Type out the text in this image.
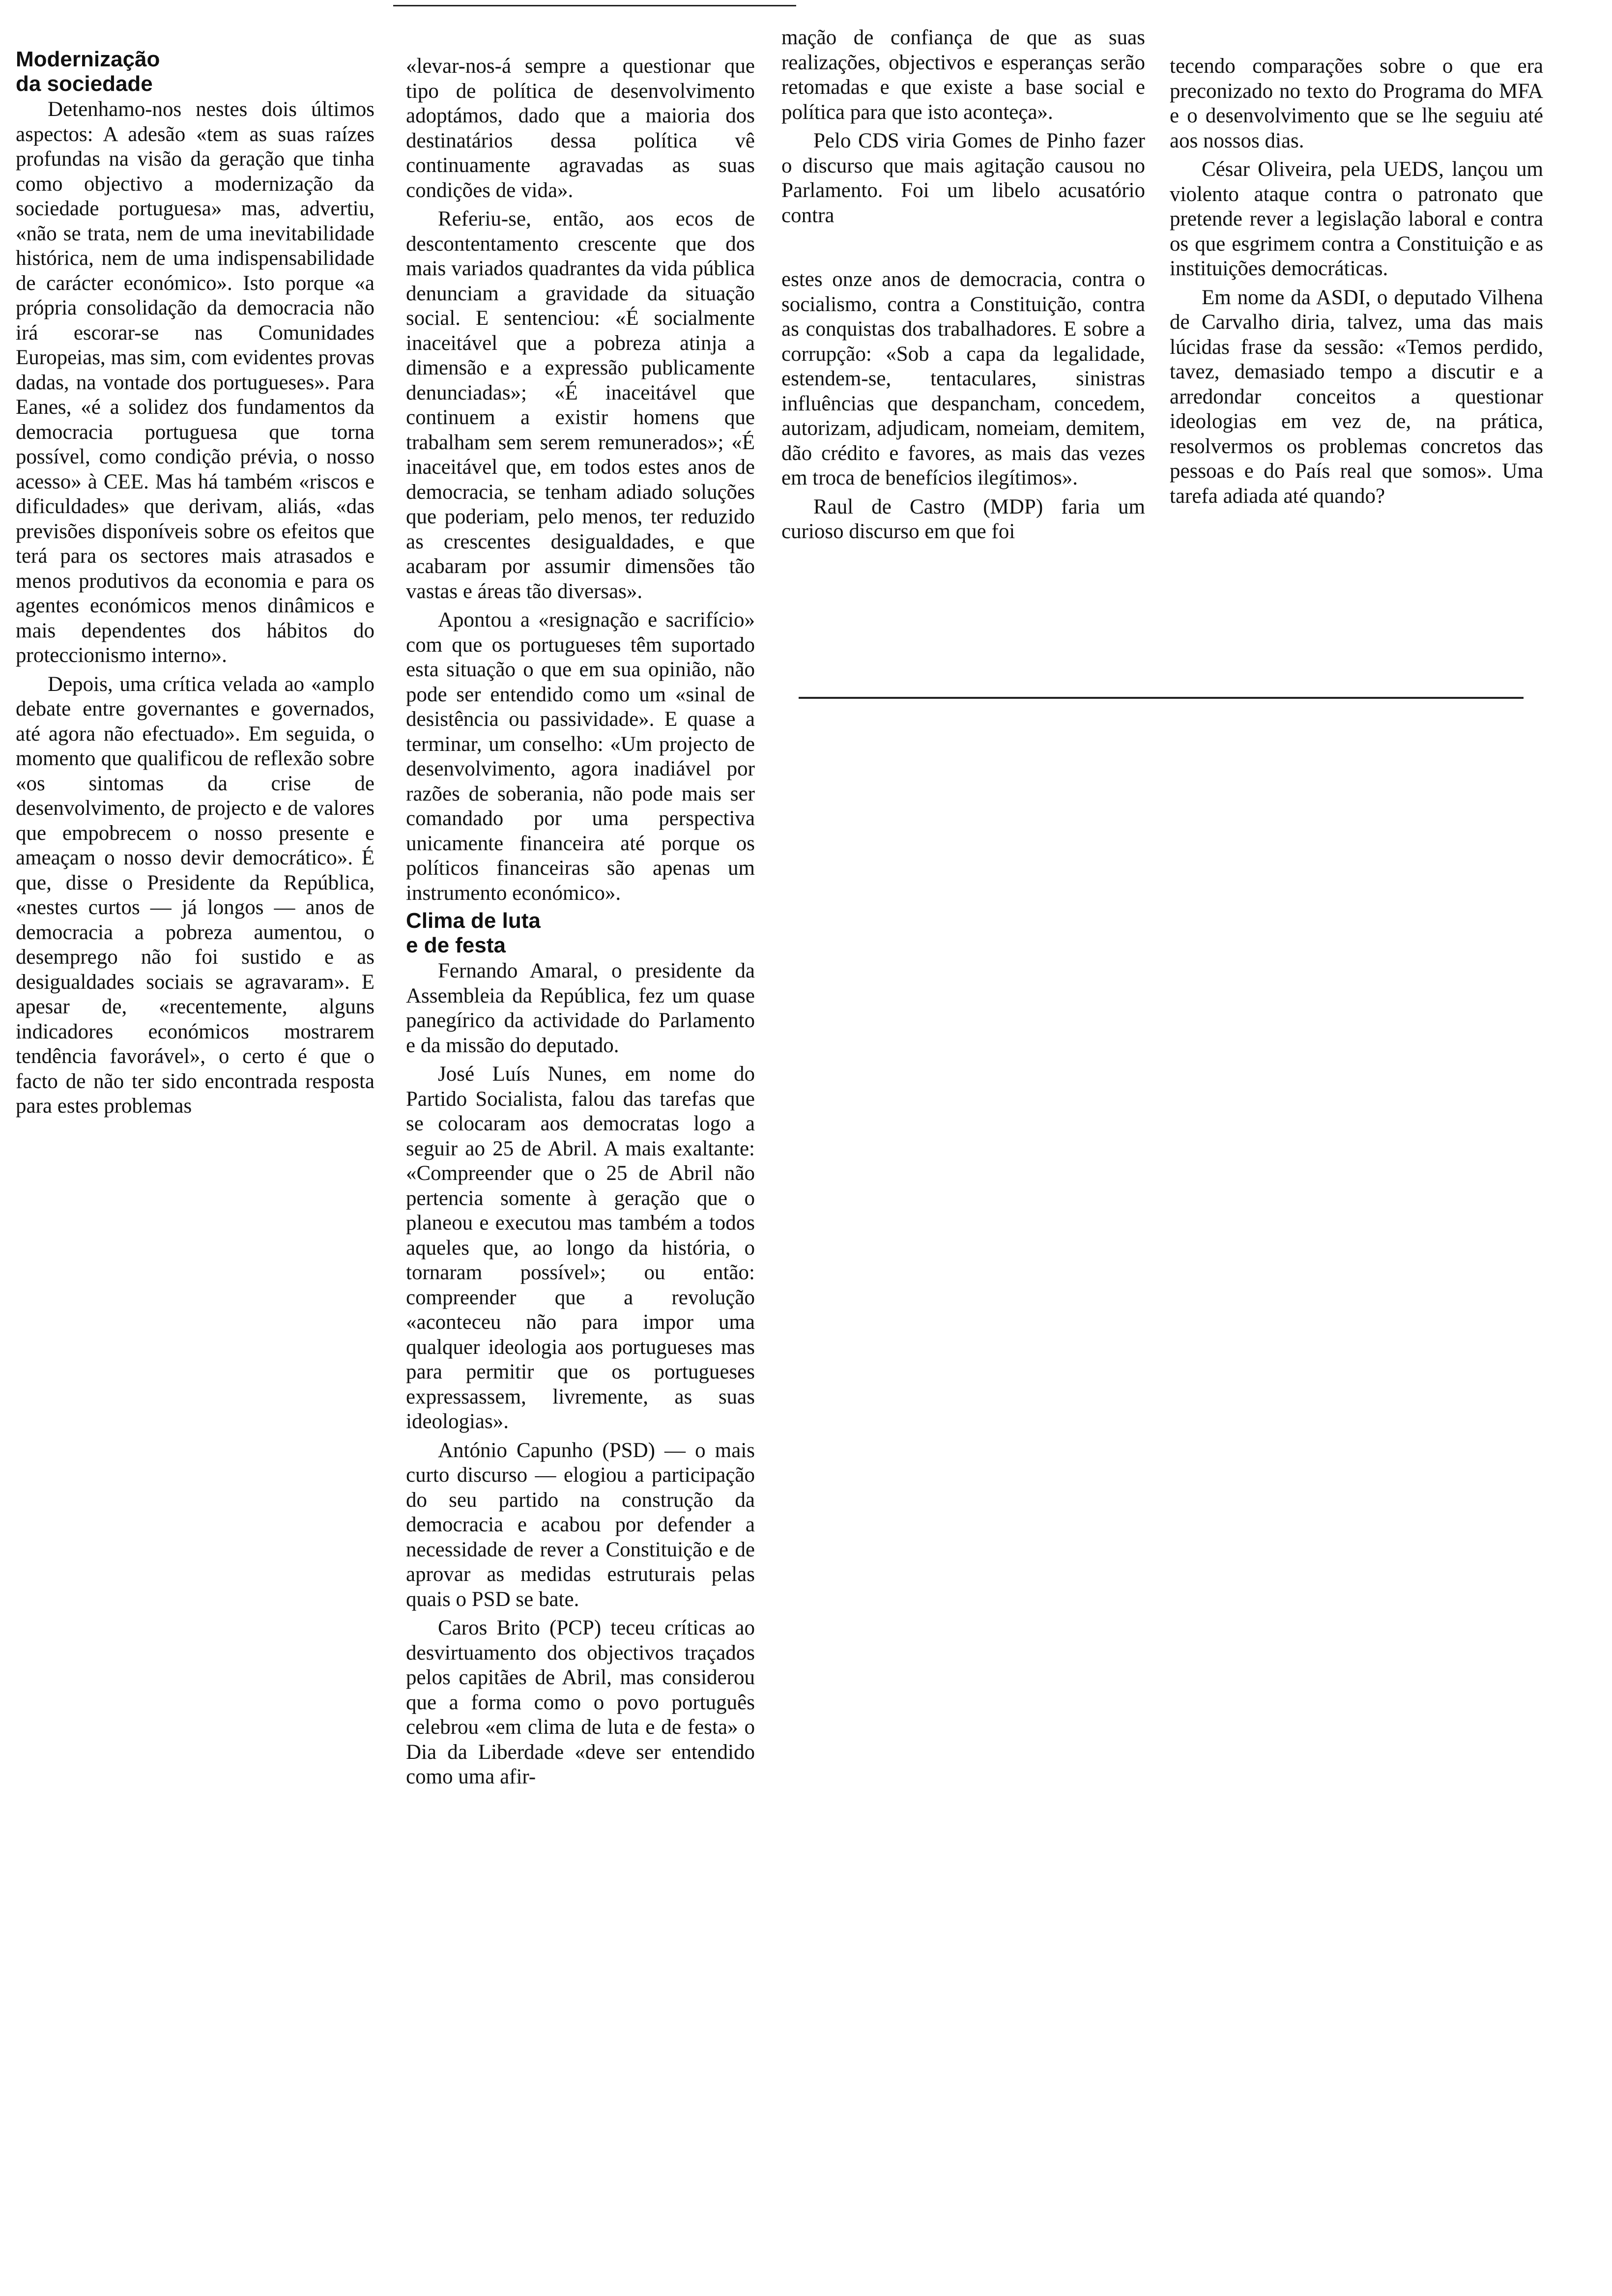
Modernização
da sociedade

Detenhamo-nos nestes dois últimos aspectos: A adesão «tem as suas raízes profundas na visão da geração que tinha como objectivo a modernização da sociedade portuguesa» mas, advertiu, «não se trata, nem de uma inevitabilidade histórica, nem de uma indispensabilidade de carácter económico». Isto porque «a própria consolidação da democracia não irá escorar-se nas Comunidades Europeias, mas sim, com evidentes provas dadas, na vontade dos portugueses». Para Eanes, «é a solidez dos fundamentos da democracia portuguesa que torna possível, como condição prévia, o nosso acesso» à CEE. Mas há também «riscos e dificuldades» que derivam, aliás, «das previsões disponíveis sobre os efeitos que terá para os sectores mais atrasados e menos produtivos da economia e para os agentes económicos menos dinâmicos e mais dependentes dos hábitos do proteccionismo interno».

Depois, uma crítica velada ao «amplo debate entre governantes e governados, até agora não efectuado». Em seguida, o momento que qualificou de reflexão sobre «os sintomas da crise de desenvolvimento, de projecto e de valores que empobrecem o nosso presente e ameaçam o nosso devir democrático». É que, disse o Presidente da República, «nestes curtos — já longos — anos de democracia a pobreza aumentou, o desemprego não foi sustido e as desigualdades sociais se agravaram». E apesar de, «recentemente, alguns indicadores económicos mostrarem tendência favorável», o certo é que o facto de não ter sido encontrada resposta para estes problemas

«levar-nos-á sempre a questionar que tipo de política de desenvolvimento adoptámos, dado que a maioria dos destinatários dessa política vê continuamente agravadas as suas condições de vida».

Referiu-se, então, aos ecos de descontentamento crescente que dos mais variados quadrantes da vida pública denunciam a gravidade da situação social. E sentenciou: «É socialmente inaceitável que a pobreza atinja a dimensão e a expressão publicamente denunciadas»; «É inaceitável que continuem a existir homens que trabalham sem serem remunerados»; «É inaceitável que, em todos estes anos de democracia, se tenham adiado soluções que poderiam, pelo menos, ter reduzido as crescentes desigualdades, e que acabaram por assumir dimensões tão vastas e áreas tão diversas».

Apontou a «resignação e sacrifício» com que os portugueses têm suportado esta situação o que em sua opinião, não pode ser entendido como um «sinal de desistência ou passividade». E quase a terminar, um conselho: «Um projecto de desenvolvimento, agora inadiável por razões de soberania, não pode mais ser comandado por uma perspectiva unicamente financeira até porque os políticos financeiras são apenas um instrumento económico».

Clima de luta
e de festa

Fernando Amaral, o presidente da Assembleia da República, fez um quase panegírico da actividade do Parlamento e da missão do deputado.

José Luís Nunes, em nome do Partido Socialista, falou das tarefas que se colocaram aos democratas logo a seguir ao 25 de Abril. A mais exaltante: «Compreender que o 25 de Abril não pertencia somente à geração que o planeou e executou mas também a todos aqueles que, ao longo da história, o tornaram possível»; ou então: compreender que a revolução «aconteceu não para impor uma qualquer ideologia aos portugueses mas para permitir que os portugueses expressassem, livremente, as suas ideologias».

António Capunho (PSD) — o mais curto discurso — elogiou a participação do seu partido na construção da democracia e acabou por defender a necessidade de rever a Constituição e de aprovar as medidas estruturais pelas quais o PSD se bate.

Caros Brito (PCP) teceu críticas ao desvirtuamento dos objectivos traçados pelos capitães de Abril, mas considerou que a forma como o povo português celebrou «em clima de luta e de festa» o Dia da Liberdade «deve ser entendido como uma afir-

mação de confiança de que as suas realizações, objectivos e esperanças serão retomadas e que existe a base social e política para que isto aconteça».

Pelo CDS viria Gomes de Pinho fazer o discurso que mais agitação causou no Parlamento. Foi um libelo acusatório contra

estes onze anos de democracia, contra o socialismo, contra a Constituição, contra as conquistas dos trabalhadores. E sobre a corrupção: «Sob a capa da legalidade, estendem-se, tentaculares, sinistras influências que despancham, concedem, autorizam, adjudicam, nomeiam, demitem, dão crédito e favores, as mais das vezes em troca de benefícios ilegítimos».

Raul de Castro (MDP) faria um curioso discurso em que foi

tecendo comparações sobre o que era preconizado no texto do Programa do MFA e o desenvolvimento que se lhe seguiu até aos nossos dias.

César Oliveira, pela UEDS, lançou um violento ataque contra o patronato que pretende rever a legislação laboral e contra os que esgrimem contra a Constituição e as instituições democráticas.

Em nome da ASDI, o deputado Vilhena de Carvalho diria, talvez, uma das mais lúcidas frase da sessão: «Temos perdido, tavez, demasiado tempo a discutir e a arredondar conceitos a questionar ideologias em vez de, na prática, resolvermos os problemas concretos das pessoas e do País real que somos». Uma tarefa adiada até quando?
